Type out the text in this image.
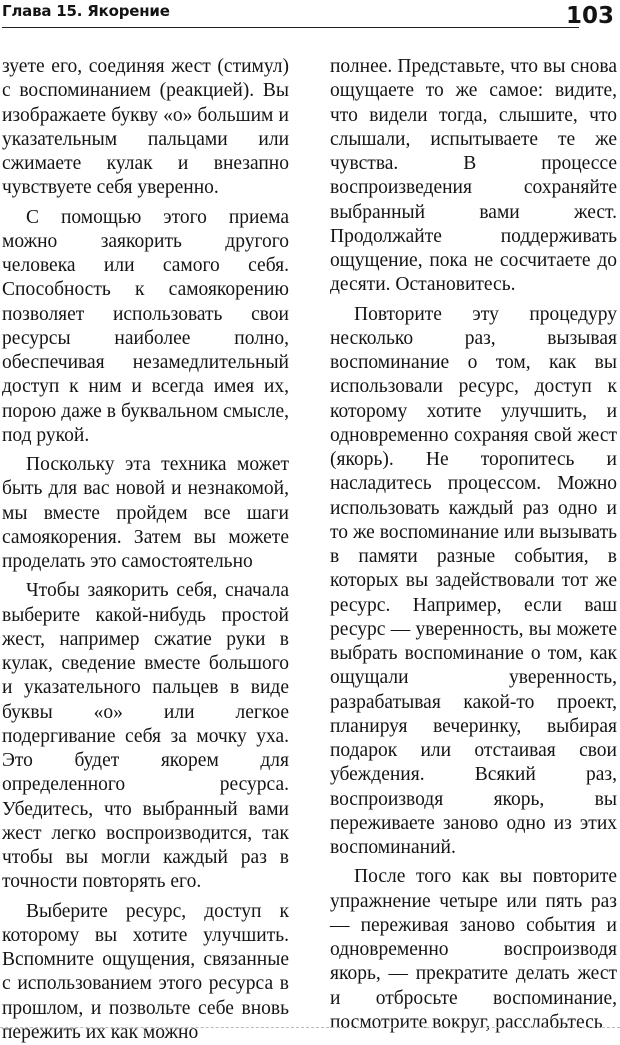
Глава 15. Якорение	103

зуете его, соединяя жест (стимул) с воспоминанием (реакцией). Вы изображаете букву «о» большим и указательным пальцами или сжимаете кулак и внезапно чувствуете себя уверенно.

С помощью этого приема можно заякорить другого человека или самого себя. Способность к самоякорению позволяет использовать свои ресурсы наиболее полно, обеспечивая незамедлительный доступ к ним и всегда имея их, порою даже в буквальном смысле, под рукой.

Поскольку эта техника может быть для вас новой и незнакомой, мы вместе пройдем все шаги самоякорения. Затем вы можете проделать это самостоятельно

Чтобы заякорить себя, сначала выберите какой-нибудь простой жест, например сжатие руки в кулак, сведение вместе большого и указательного пальцев в виде буквы «о» или легкое подергивание себя за мочку уха. Это будет якорем для определенного ресурса. Убедитесь, что выбранный вами жест легко воспроизводится, так чтобы вы могли каждый раз в точности повторять его.

Выберите ресурс, доступ к которому вы хотите улучшить. Вспомните ощущения, связанные с использованием этого ресурса в прошлом, и позвольте себе вновь пережить их как можно

полнее. Представьте, что вы снова ощущаете то же самое: видите, что видели тогда, слышите, что слышали, испытываете те же чувства. В процессе воспроизведения сохраняйте выбранный вами жест. Продолжайте поддерживать ощущение, пока не сосчитаете до десяти. Остановитесь.

Повторите эту процедуру несколько раз, вызывая воспоминание о том, как вы использовали ресурс, доступ к которому хотите улучшить, и одновременно сохраняя свой жест (якорь). Не торопитесь и насладитесь процессом. Можно использовать каждый раз одно и то же воспоминание или вызывать в памяти разные события, в которых вы задействовали тот же ресурс. Например, если ваш ресурс — уверенность, вы можете выбрать воспоминание о том, как ощущали уверенность, разрабатывая какой-то проект, планируя вечеринку, выбирая подарок или отстаивая свои убеждения. Всякий раз, воспроизводя якорь, вы переживаете заново одно из этих воспоминаний.

После того как вы повторите упражнение четыре или пять раз — переживая заново события и одновременно воспроизводя якорь, — прекратите делать жест и отбросьте воспоминание, посмотрите вокруг, расслабьтесь
